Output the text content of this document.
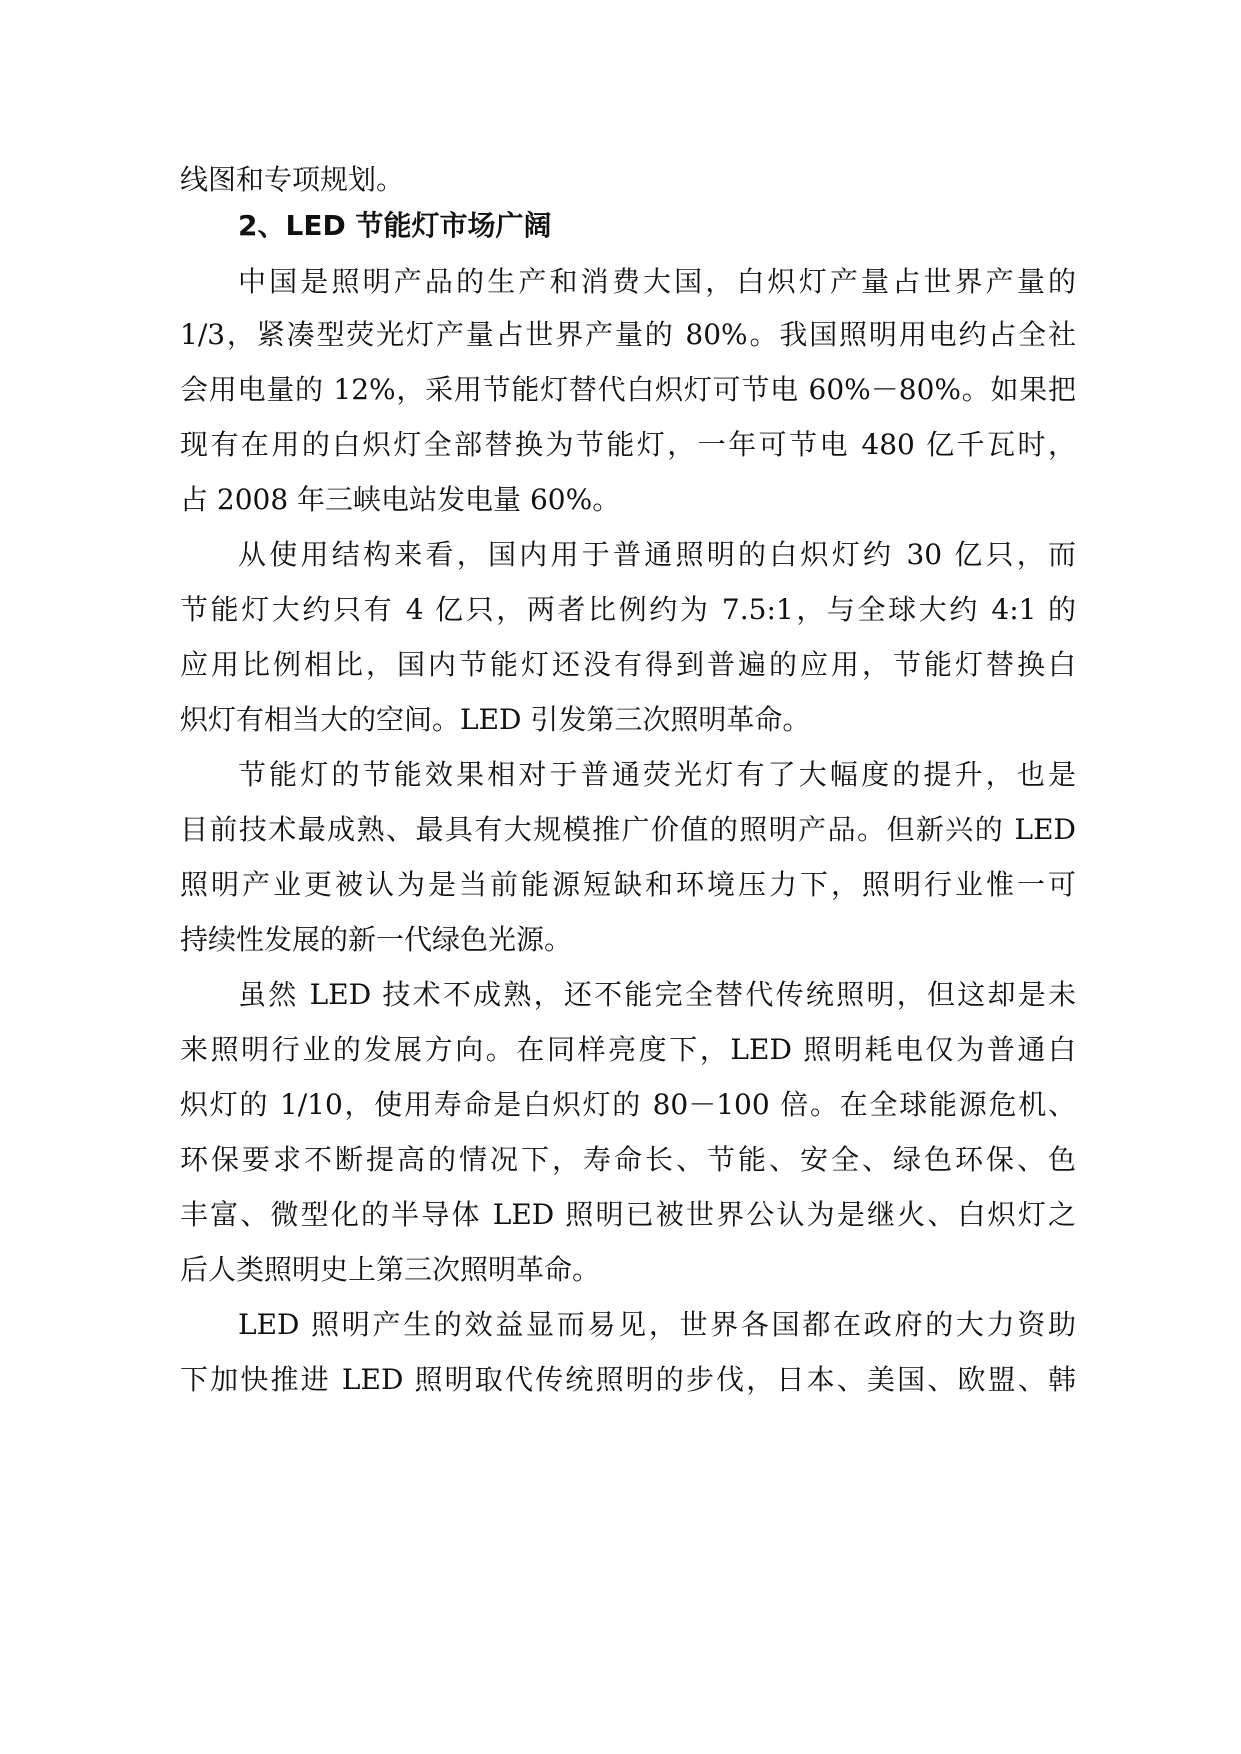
线图和专项规划。
2、LED 节能灯市场广阔
中国是照明产品的生产和消费大国，白炽灯产量占世界产量的
1/3，紧凑型荧光灯产量占世界产量的 80%。我国照明用电约占全社
会用电量的 12%，采用节能灯替代白炽灯可节电 60%－80%。如果把
现有在用的白炽灯全部替换为节能灯，一年可节电 480 亿千瓦时，
占 2008 年三峡电站发电量 60%。
从使用结构来看，国内用于普通照明的白炽灯约 30 亿只，而
节能灯大约只有 4 亿只，两者比例约为 7.5:1，与全球大约 4:1 的
应用比例相比，国内节能灯还没有得到普遍的应用，节能灯替换白
炽灯有相当大的空间。LED 引发第三次照明革命。
节能灯的节能效果相对于普通荧光灯有了大幅度的提升，也是
目前技术最成熟、最具有大规模推广价值的照明产品。但新兴的 LED
照明产业更被认为是当前能源短缺和环境压力下，照明行业惟一可
持续性发展的新一代绿色光源。
虽然 LED 技术不成熟，还不能完全替代传统照明，但这却是未
来照明行业的发展方向。在同样亮度下，LED 照明耗电仅为普通白
炽灯的 1/10，使用寿命是白炽灯的 80－100 倍。在全球能源危机、
环保要求不断提高的情况下，寿命长、节能、安全、绿色环保、色
丰富、微型化的半导体 LED 照明已被世界公认为是继火、白炽灯之
后人类照明史上第三次照明革命。
LED 照明产生的效益显而易见，世界各国都在政府的大力资助
下加快推进 LED 照明取代传统照明的步伐，日本、美国、欧盟、韩
